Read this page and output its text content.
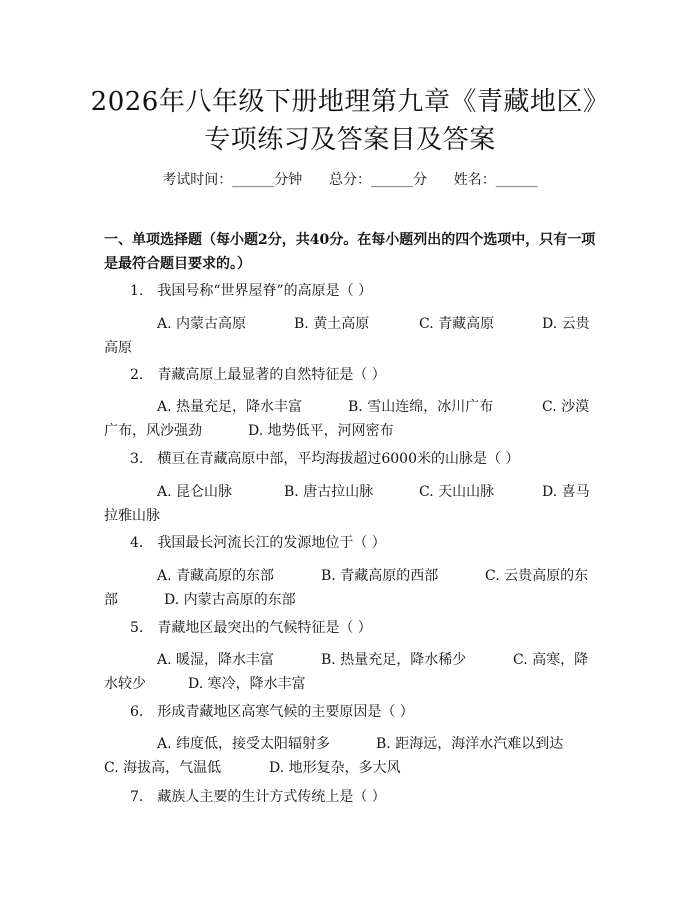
2026年八年级下册地理第九章《青藏地区》
专项练习及答案目及答案
考试时间：______分钟 总分：______分 姓名：______
一、单项选择题（每小题2分，共40分。在每小题列出的四个选项中，只有一项
是最符合题目要求的。）
1.　我国号称“世界屋脊”的高原是（ ）
A. 内蒙古高原	B. 黄土高原	C. 青藏高原	D. 云贵
高原
2.　青藏高原上最显著的自然特征是（ ）
A. 热量充足，降水丰富	B. 雪山连绵，冰川广布	C. 沙漠
广布，风沙强劲	D. 地势低平，河网密布
3.　横亘在青藏高原中部，平均海拔超过6000米的山脉是（ ）
A. 昆仑山脉	B. 唐古拉山脉	C. 天山山脉	D. 喜马
拉雅山脉
4.　我国最长河流长江的发源地位于（ ）
A. 青藏高原的东部	B. 青藏高原的西部	C. 云贵高原的东
部	D. 内蒙古高原的东部
5.　青藏地区最突出的气候特征是（ ）
A. 暖湿，降水丰富	B. 热量充足，降水稀少	C. 高寒，降
水较少	D. 寒冷，降水丰富
6.　形成青藏地区高寒气候的主要原因是（ ）
A. 纬度低，接受太阳辐射多	B. 距海远，海洋水汽难以到达
C. 海拔高，气温低	D. 地形复杂，多大风
7.　藏族人主要的生计方式传统上是（ ）
